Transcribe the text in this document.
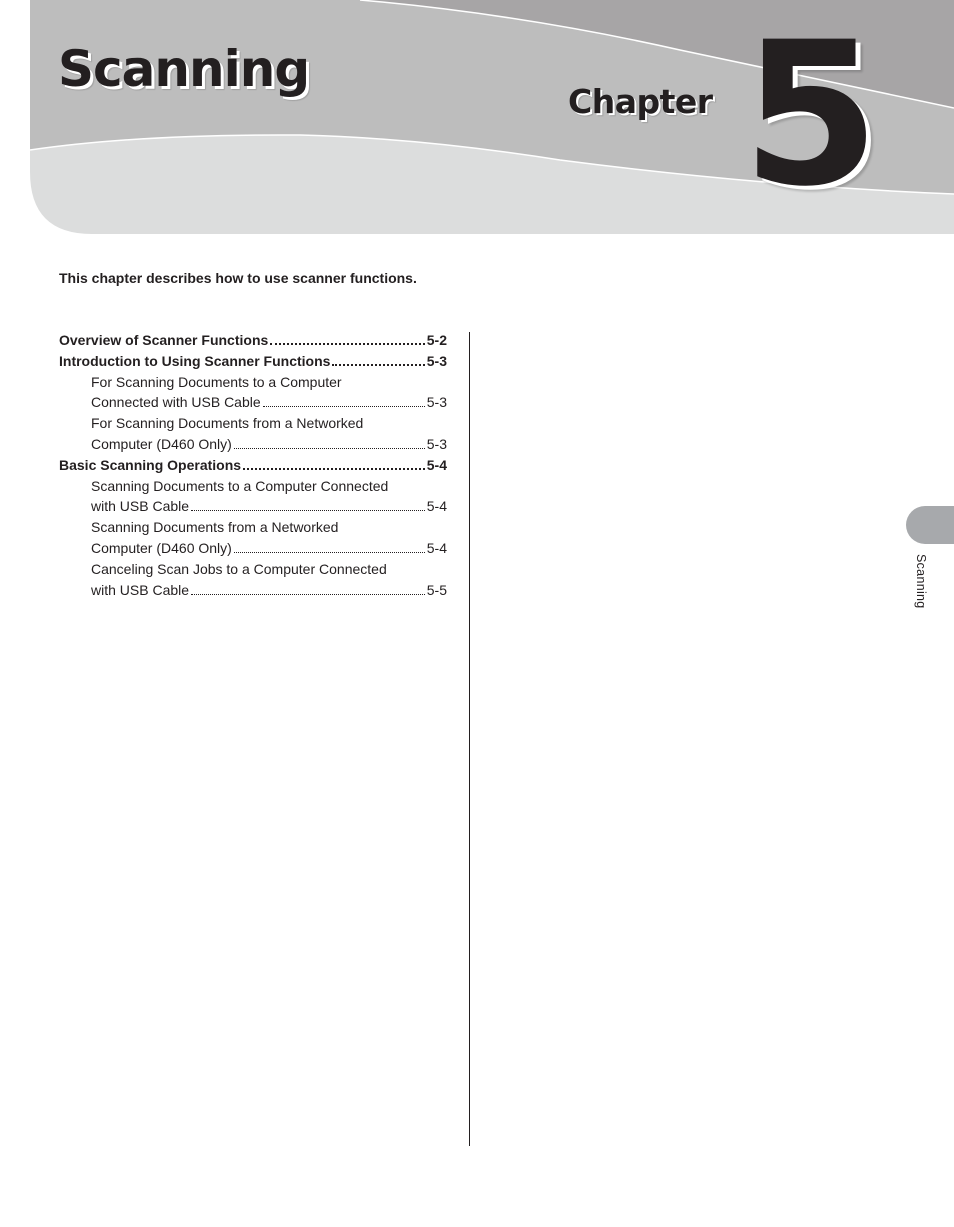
Scanning
Chapter 5
This chapter describes how to use scanner functions.
Overview of Scanner Functions	5-2
Introduction to Using Scanner Functions	5-3
For Scanning Documents to a Computer
Connected with USB Cable	5-3
For Scanning Documents from a Networked
Computer (D460 Only)	5-3
Basic Scanning Operations	5-4
Scanning Documents to a Computer Connected
with USB Cable	5-4
Scanning Documents from a Networked
Computer (D460 Only)	5-4
Canceling Scan Jobs to a Computer Connected
with USB Cable	5-5	Scanning
